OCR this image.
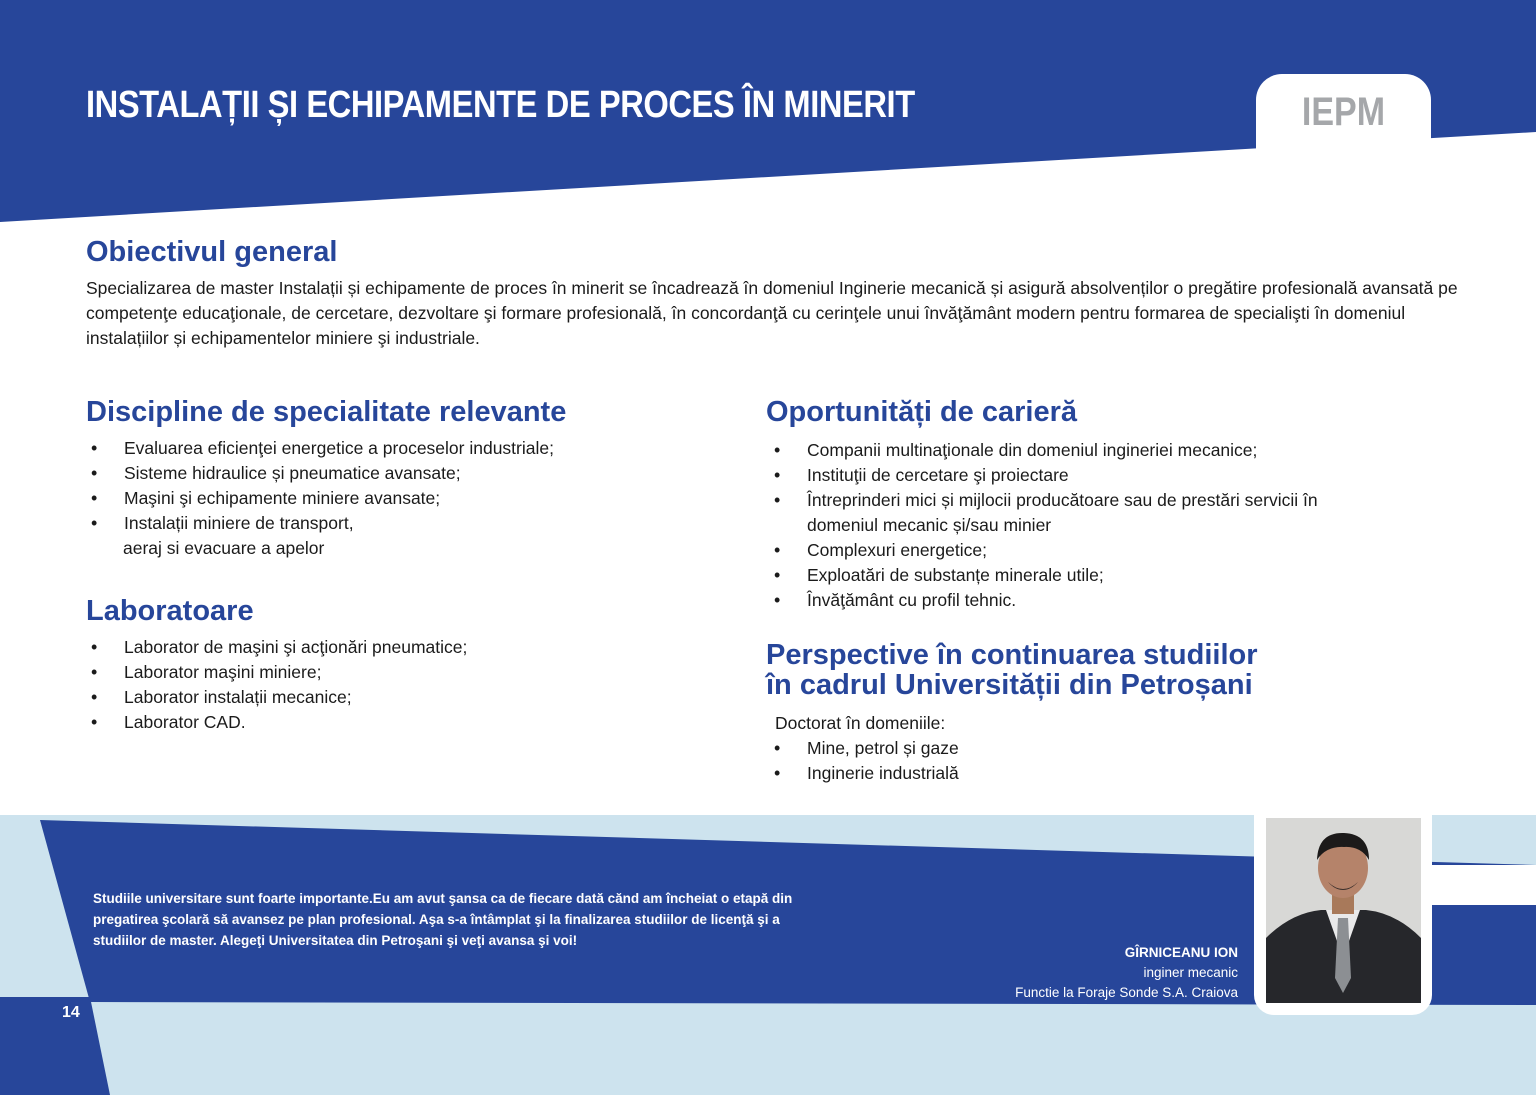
INSTALAȚII ȘI ECHIPAMENTE DE PROCES ÎN MINERIT	IEPM
Obiectivul general

Specializarea de master Instalații și echipamente de proces în minerit se încadrează în domeniul Inginerie mecanică și asigură absolvenților o pregătire profesională avansată pe competenţe educaţionale, de cercetare, dezvoltare şi formare profesională, în concordanţă cu cerinţele unui învăţământ modern pentru formarea de specialişti în domeniul instalațiilor și echipamentelor miniere şi industriale.

Discipline de specialitate relevante
• Evaluarea eficienţei energetice a proceselor industriale;
• Sisteme hidraulice și pneumatice avansate;
• Maşini şi echipamente miniere avansate;
• Instalații miniere de transport,

aeraj si evacuare a apelor

Laboratoare
• Laborator de maşini şi acţionări pneumatice;
• Laborator maşini miniere;
• Laborator instalații mecanice;
• Laborator CAD.
Oportunități de carieră
• Companii multinaţionale din domeniul ingineriei mecanice;
• Instituţii de cercetare şi proiectare
• Întreprinderi mici și mijlocii producătoare sau de prestări servicii în
domeniul mecanic și/sau minier
• Complexuri energetice;
• Exploatări de substanțe minerale utile;
• Învăţământ cu profil tehnic.
Perspective în continuarea studiilor
în cadrul Universității din Petroșani

Doctorat în domeniile:

• Mine, petrol și gaze
• Inginerie industrială

Studiile universitare sunt foarte importante.Eu am avut şansa ca de fiecare dată cănd am încheiat o etapă din pregatirea şcolară să avansez pe plan profesional. Aşa s-a întâmplat şi la finalizarea studiilor de licenţă şi a studiilor de master. Alegeţi Universitatea din Petroşani şi veţi avansa şi voi!

GÎRNICEANU ION

inginer mecanic

Functie la Foraje Sonde S.A. Craiova

14
